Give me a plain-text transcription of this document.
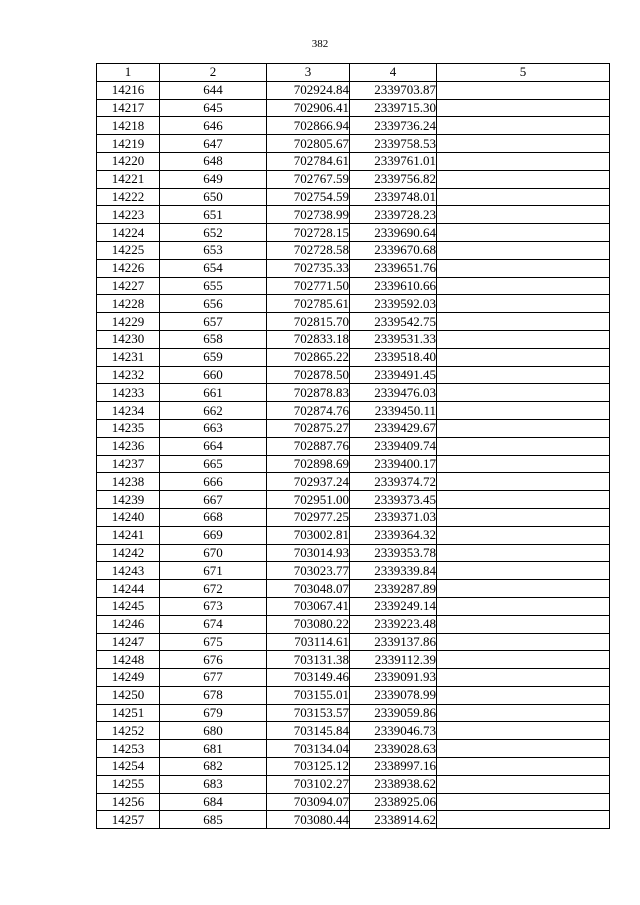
382
1	2	3	4	5
14216	644	702924.84	2339703.87	
14217	645	702906.41	2339715.30	
14218	646	702866.94	2339736.24	
14219	647	702805.67	2339758.53	
14220	648	702784.61	2339761.01	
14221	649	702767.59	2339756.82	
14222	650	702754.59	2339748.01	
14223	651	702738.99	2339728.23	
14224	652	702728.15	2339690.64	
14225	653	702728.58	2339670.68	
14226	654	702735.33	2339651.76	
14227	655	702771.50	2339610.66	
14228	656	702785.61	2339592.03	
14229	657	702815.70	2339542.75	
14230	658	702833.18	2339531.33	
14231	659	702865.22	2339518.40	
14232	660	702878.50	2339491.45	
14233	661	702878.83	2339476.03	
14234	662	702874.76	2339450.11	
14235	663	702875.27	2339429.67	
14236	664	702887.76	2339409.74	
14237	665	702898.69	2339400.17	
14238	666	702937.24	2339374.72	
14239	667	702951.00	2339373.45	
14240	668	702977.25	2339371.03	
14241	669	703002.81	2339364.32	
14242	670	703014.93	2339353.78	
14243	671	703023.77	2339339.84	
14244	672	703048.07	2339287.89	
14245	673	703067.41	2339249.14	
14246	674	703080.22	2339223.48	
14247	675	703114.61	2339137.86	
14248	676	703131.38	2339112.39	
14249	677	703149.46	2339091.93	
14250	678	703155.01	2339078.99	
14251	679	703153.57	2339059.86	
14252	680	703145.84	2339046.73	
14253	681	703134.04	2339028.63	
14254	682	703125.12	2338997.16	
14255	683	703102.27	2338938.62	
14256	684	703094.07	2338925.06	
14257	685	703080.44	2338914.62	
